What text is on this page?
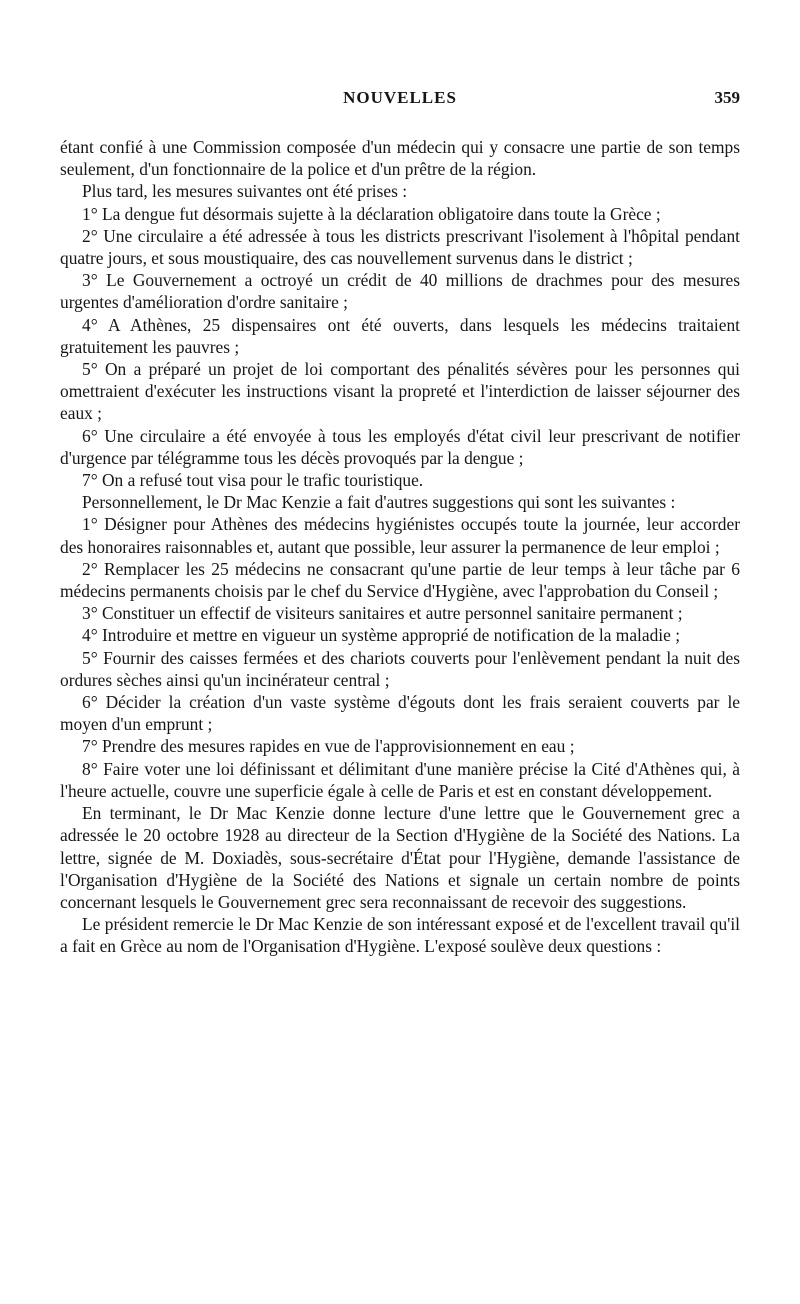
NOUVELLES	359

étant confié à une Commission composée d'un médecin qui y consacre une partie de son temps seulement, d'un fonctionnaire de la police et d'un prêtre de la région.

Plus tard, les mesures suivantes ont été prises :

1° La dengue fut désormais sujette à la déclaration obligatoire dans toute la Grèce ;

2° Une circulaire a été adressée à tous les districts prescrivant l'isolement à l'hôpital pendant quatre jours, et sous moustiquaire, des cas nouvellement survenus dans le district ;

3° Le Gouvernement a octroyé un crédit de 40 millions de drachmes pour des mesures urgentes d'amélioration d'ordre sanitaire ;

4° A Athènes, 25 dispensaires ont été ouverts, dans lesquels les médecins traitaient gratuitement les pauvres ;

5° On a préparé un projet de loi comportant des pénalités sévères pour les personnes qui omettraient d'exécuter les instructions visant la propreté et l'interdiction de laisser séjourner des eaux ;

6° Une circulaire a été envoyée à tous les employés d'état civil leur prescrivant de notifier d'urgence par télégramme tous les décès provoqués par la dengue ;

7° On a refusé tout visa pour le trafic touristique.

Personnellement, le Dr Mac Kenzie a fait d'autres suggestions qui sont les suivantes :

1° Désigner pour Athènes des médecins hygiénistes occupés toute la journée, leur accorder des honoraires raisonnables et, autant que possible, leur assurer la permanence de leur emploi ;

2° Remplacer les 25 médecins ne consacrant qu'une partie de leur temps à leur tâche par 6 médecins permanents choisis par le chef du Service d'Hygiène, avec l'approbation du Conseil ;

3° Constituer un effectif de visiteurs sanitaires et autre personnel sanitaire permanent ;

4° Introduire et mettre en vigueur un système approprié de notification de la maladie ;

5° Fournir des caisses fermées et des chariots couverts pour l'enlèvement pendant la nuit des ordures sèches ainsi qu'un incinérateur central ;

6° Décider la création d'un vaste système d'égouts dont les frais seraient couverts par le moyen d'un emprunt ;

7° Prendre des mesures rapides en vue de l'approvisionnement en eau ;

8° Faire voter une loi définissant et délimitant d'une manière précise la Cité d'Athènes qui, à l'heure actuelle, couvre une superficie égale à celle de Paris et est en constant développement.

En terminant, le Dr Mac Kenzie donne lecture d'une lettre que le Gouvernement grec a adressée le 20 octobre 1928 au directeur de la Section d'Hygiène de la Société des Nations. La lettre, signée de M. Doxiadès, sous-secrétaire d'État pour l'Hygiène, demande l'assistance de l'Organisation d'Hygiène de la Société des Nations et signale un certain nombre de points concernant lesquels le Gouvernement grec sera reconnaissant de recevoir des suggestions.

Le président remercie le Dr Mac Kenzie de son intéressant exposé et de l'excellent travail qu'il a fait en Grèce au nom de l'Organisation d'Hygiène. L'exposé soulève deux questions :
